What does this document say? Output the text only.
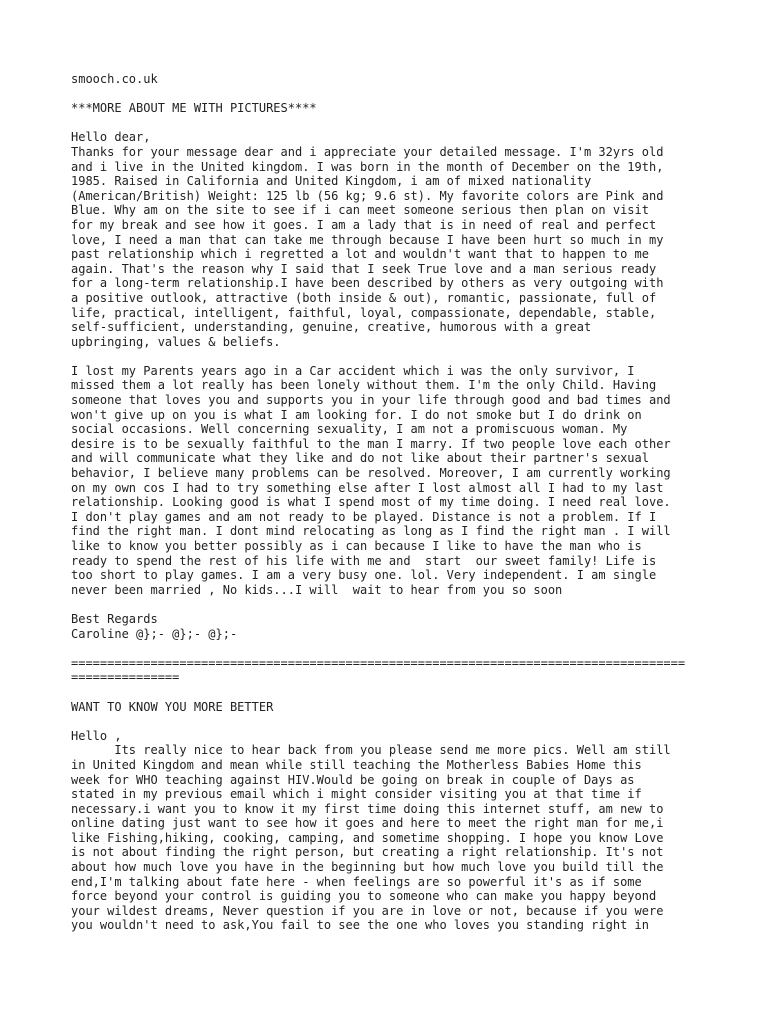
smooch.co.uk
***MORE ABOUT ME WITH PICTURES****
Hello dear,
Thanks for your message dear and i appreciate your detailed message. I'm 32yrs old
and i live in the United kingdom. I was born in the month of December on the 19th,
1985. Raised in California and United Kingdom, i am of mixed nationality
(American/British) Weight: 125 lb (56 kg; 9.6 st). My favorite colors are Pink and
Blue. Why am on the site to see if i can meet someone serious then plan on visit
for my break and see how it goes. I am a lady that is in need of real and perfect
love, I need a man that can take me through because I have been hurt so much in my
past relationship which i regretted a lot and wouldn't want that to happen to me
again. That's the reason why I said that I seek True love and a man serious ready
for a long-term relationship.I have been described by others as very outgoing with
a positive outlook, attractive (both inside & out), romantic, passionate, full of
life, practical, intelligent, faithful, loyal, compassionate, dependable, stable,
self-sufficient, understanding, genuine, creative, humorous with a great
upbringing, values & beliefs.
I lost my Parents years ago in a Car accident which i was the only survivor, I
missed them a lot really has been lonely without them. I'm the only Child. Having
someone that loves you and supports you in your life through good and bad times and
won't give up on you is what I am looking for. I do not smoke but I do drink on
social occasions. Well concerning sexuality, I am not a promiscuous woman. My
desire is to be sexually faithful to the man I marry. If two people love each other
and will communicate what they like and do not like about their partner's sexual
behavior, I believe many problems can be resolved. Moreover, I am currently working
on my own cos I had to try something else after I lost almost all I had to my last
relationship. Looking good is what I spend most of my time doing. I need real love.
I don't play games and am not ready to be played. Distance is not a problem. If I
find the right man. I dont mind relocating as long as I find the right man . I will
like to know you better possibly as i can because I like to have the man who is
ready to spend the rest of his life with me and  start  our sweet family! Life is
too short to play games. I am a very busy one. lol. Very independent. I am single
never been married , No kids...I will  wait to hear from you so soon
Best Regards
Caroline @};- @};- @};-
=====================================================================================
===============
WANT TO KNOW YOU MORE BETTER
Hello ,
Its really nice to hear back from you please send me more pics. Well am still
in United Kingdom and mean while still teaching the Motherless Babies Home this
week for WHO teaching against HIV.Would be going on break in couple of Days as
stated in my previous email which i might consider visiting you at that time if
necessary.i want you to know it my first time doing this internet stuff, am new to
online dating just want to see how it goes and here to meet the right man for me,i
like Fishing,hiking, cooking, camping, and sometime shopping. I hope you know Love
is not about finding the right person, but creating a right relationship. It's not
about how much love you have in the beginning but how much love you build till the
end,I'm talking about fate here - when feelings are so powerful it's as if some
force beyond your control is guiding you to someone who can make you happy beyond
your wildest dreams, Never question if you are in love or not, because if you were
you wouldn't need to ask,You fail to see the one who loves you standing right in
